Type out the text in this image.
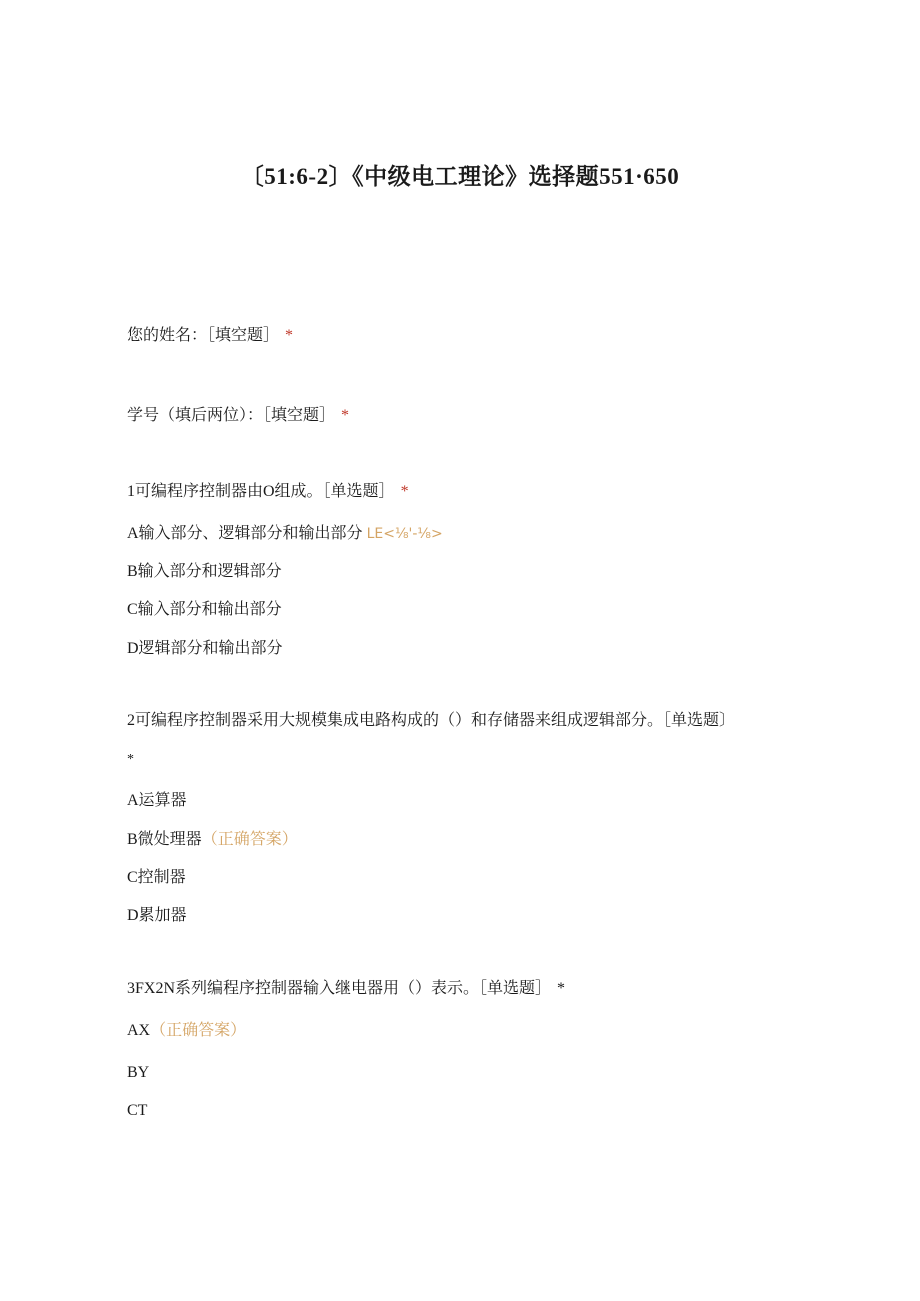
〔51:6-2〕《中级电工理论》选择题551·650

您的姓名：［填空题］ *

学号（填后两位）：［填空题］ *

1可编程序控制器由O组成。［单选题］ *

A输入部分、逻辑部分和输出部分 LE<⅛'-⅛>

B输入部分和逻辑部分

C输入部分和输出部分

D逻辑部分和输出部分

2可编程序控制器采用大规模集成电路构成的（）和存储器来组成逻辑部分。［单选题〕

*

A运算器

B微处理器（正确答案）

C控制器

D累加器

3FX2N系列编程序控制器输入继电器用（）表示。［单选题］ *

AX（正确答案）

BY

CT
